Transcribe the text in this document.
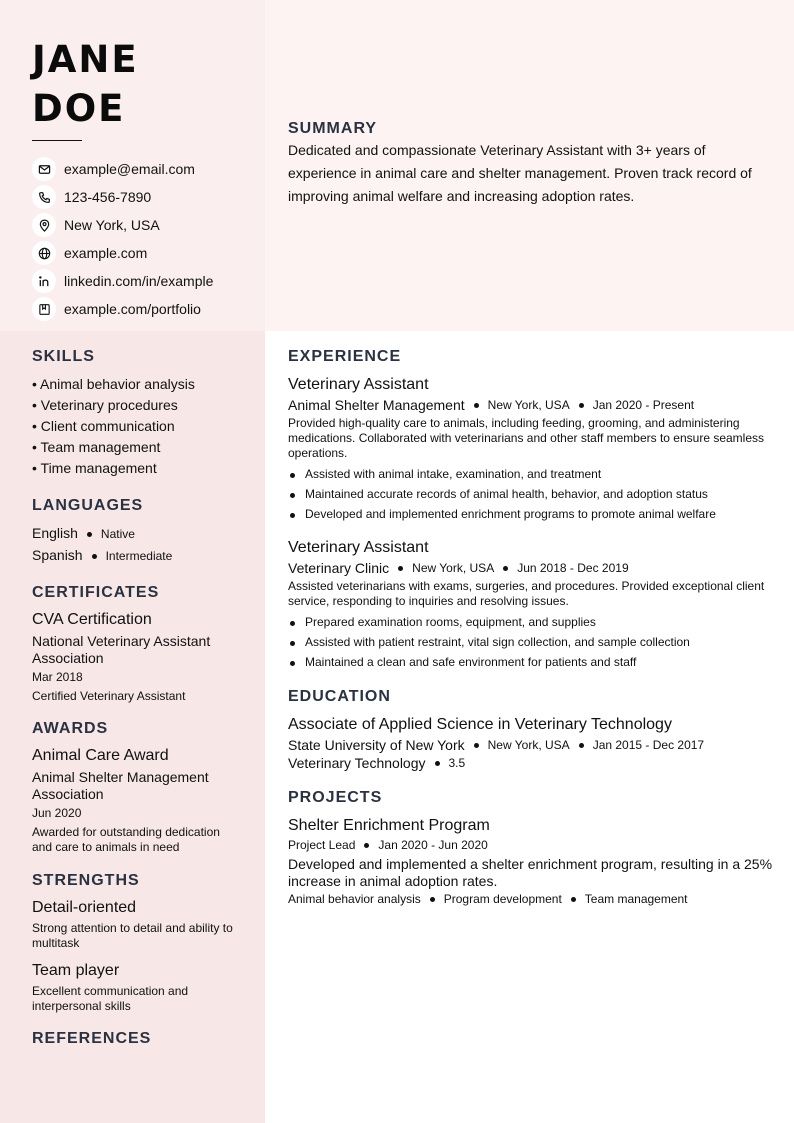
JANE
DOE
example@email.com
123-456-7890
New York, USA
example.com
linkedin.com/in/example
example.com/portfolio
SUMMARY

Dedicated and compassionate Veterinary Assistant with 3+ years of experience in animal care and shelter management. Proven track record of improving animal welfare and increasing adoption rates.

SKILLS
• Animal behavior analysis
• Veterinary procedures
• Client communication
• Team management
• Time management
LANGUAGES
English Native
Spanish Intermediate
CERTIFICATES
CVA Certification
National Veterinary Assistant Association
Mar 2018
Certified Veterinary Assistant
AWARDS
Animal Care Award
Animal Shelter Management Association
Jun 2020
Awarded for outstanding dedication and care to animals in need
STRENGTHS
Detail-oriented
Strong attention to detail and ability to multitask
Team player
Excellent communication and interpersonal skills
REFERENCES
EXPERIENCE
Veterinary Assistant
Animal Shelter Management New York, USA Jan 2020 - Present
Provided high-quality care to animals, including feeding, grooming, and administering medications. Collaborated with veterinarians and other staff members to ensure seamless operations.
Assisted with animal intake, examination, and treatment
Maintained accurate records of animal health, behavior, and adoption status
Developed and implemented enrichment programs to promote animal welfare
Veterinary Assistant
Veterinary Clinic New York, USA Jun 2018 - Dec 2019
Assisted veterinarians with exams, surgeries, and procedures. Provided exceptional client service, responding to inquiries and resolving issues.
Prepared examination rooms, equipment, and supplies
Assisted with patient restraint, vital sign collection, and sample collection
Maintained a clean and safe environment for patients and staff
EDUCATION
Associate of Applied Science in Veterinary Technology
State University of New York New York, USA Jan 2015 - Dec 2017
Veterinary Technology 3.5
PROJECTS
Shelter Enrichment Program
Project Lead Jan 2020 - Jun 2020
Developed and implemented a shelter enrichment program, resulting in a 25% increase in animal adoption rates.
Animal behavior analysis Program development Team management
